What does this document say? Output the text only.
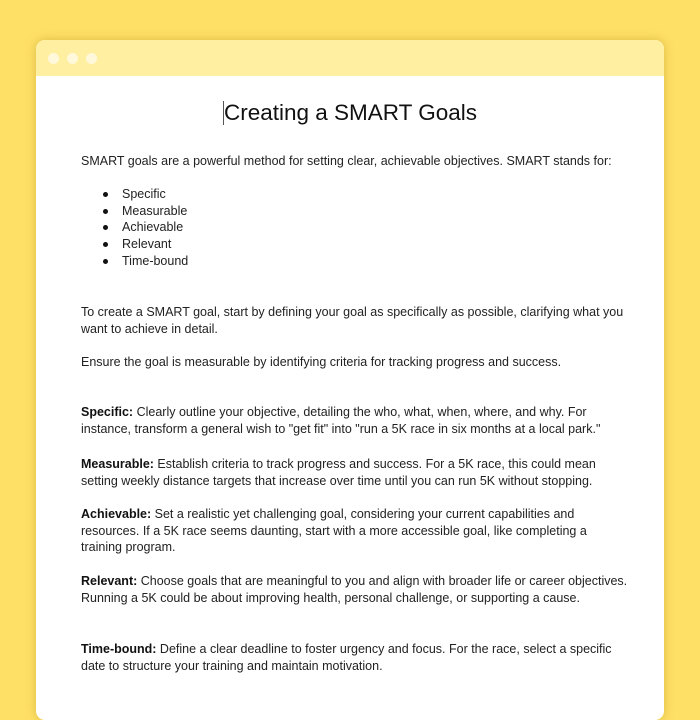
Creating a SMART Goals

SMART goals are a powerful method for setting clear, achievable objectives. SMART stands for:

Specific
Measurable
Achievable
Relevant
Time-bound

To create a SMART goal, start by defining your goal as specifically as possible, clarifying what you want to achieve in detail.

Ensure the goal is measurable by identifying criteria for tracking progress and success.

Specific: Clearly outline your objective, detailing the who, what, when, where, and why. For instance, transform a general wish to "get fit" into "run a 5K race in six months at a local park."

Measurable: Establish criteria to track progress and success. For a 5K race, this could mean setting weekly distance targets that increase over time until you can run 5K without stopping.

Achievable: Set a realistic yet challenging goal, considering your current capabilities and resources. If a 5K race seems daunting, start with a more accessible goal, like completing a training program.

Relevant: Choose goals that are meaningful to you and align with broader life or career objectives. Running a 5K could be about improving health, personal challenge, or supporting a cause.

Time-bound: Define a clear deadline to foster urgency and focus. For the race, select a specific date to structure your training and maintain motivation.
